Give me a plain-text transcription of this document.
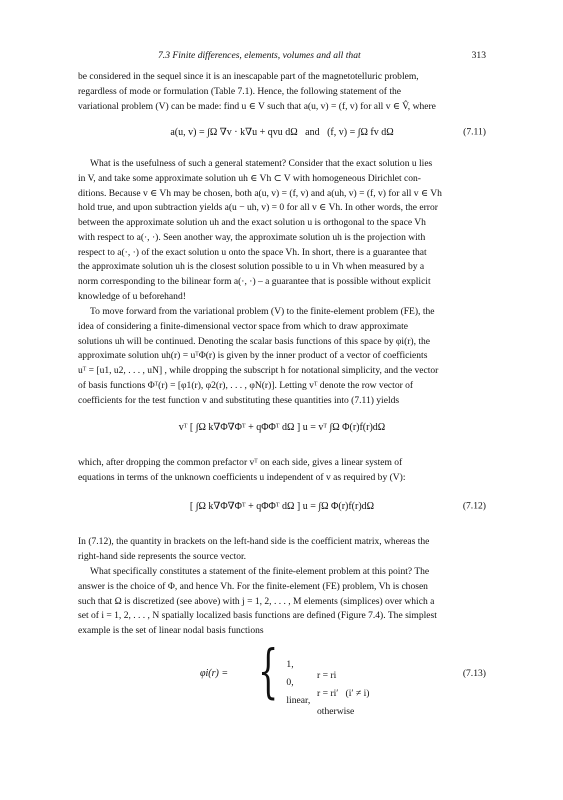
7.3 Finite differences, elements, volumes and all that	313

be considered in the sequel since it is an inescapable part of the magnetotelluric problem,

regardless of mode or formulation (Table 7.1). Hence, the following statement of the

variational problem (V) can be made: find u ∈ V such that a(u, v) = (f, v) for all v ∈ V̂, where

a(u, v) = ∫Ω ∇v · k∇u + qvu dΩ   and   (f, v) = ∫Ω fv dΩ	(7.11)

What is the usefulness of such a general statement? Consider that the exact solution u lies

in V, and take some approximate solution uh ∈ Vh ⊂ V with homogeneous Dirichlet con-

ditions. Because v ∈ Vh may be chosen, both a(u, v) = (f, v) and a(uh, v) = (f, v) for all v ∈ Vh

hold true, and upon subtraction yields a(u − uh, v) = 0 for all v ∈ Vh. In other words, the error

between the approximate solution uh and the exact solution u is orthogonal to the space Vh

with respect to a(·, ·). Seen another way, the approximate solution uh is the projection with

respect to a(·, ·) of the exact solution u onto the space Vh. In short, there is a guarantee that

the approximate solution uh is the closest solution possible to u in Vh when measured by a

norm corresponding to the bilinear form a(·, ·) – a guarantee that is possible without explicit

knowledge of u beforehand!

To move forward from the variational problem (V) to the finite-element problem (FE), the

idea of considering a finite-dimensional vector space from which to draw approximate

solutions uh will be continued. Denoting the scalar basis functions of this space by φi(r), the

approximate solution uh(r) = uᵀΦ(r) is given by the inner product of a vector of coefficients

uᵀ = [u1, u2, . . . , uN] , while dropping the subscript h for notational simplicity, and the vector

of basis functions Φᵀ(r) = [φ1(r), φ2(r), . . . , φN(r)]. Letting vᵀ denote the row vector of

coefficients for the test function v and substituting these quantities into (7.11) yields

vᵀ [ ∫Ω k∇Φ∇Φᵀ + qΦΦᵀ dΩ ] u = vᵀ ∫Ω Φ(r)f(r)dΩ

which, after dropping the common prefactor vᵀ on each side, gives a linear system of

equations in terms of the unknown coefficients u independent of v as required by (V):

[ ∫Ω k∇Φ∇Φᵀ + qΦΦᵀ dΩ ] u = ∫Ω Φ(r)f(r)dΩ	(7.12)

In (7.12), the quantity in brackets on the left-hand side is the coefficient matrix, whereas the

right-hand side represents the source vector.

What specifically constitutes a statement of the finite-element problem at this point? The

answer is the choice of Φ, and hence Vh. For the finite-element (FE) problem, Vh is chosen

such that Ω is discretized (see above) with j = 1, 2, . . . , M elements (simplices) over which a

set of i = 1, 2, . . . , N spatially localized basis functions are defined (Figure 7.4). The simplest

example is the set of linear nodal basis functions

φi(r) = { 1,

r = ri

0,

r = ri′   (i′ ≠ i)

linear,

otherwise

(7.13)
